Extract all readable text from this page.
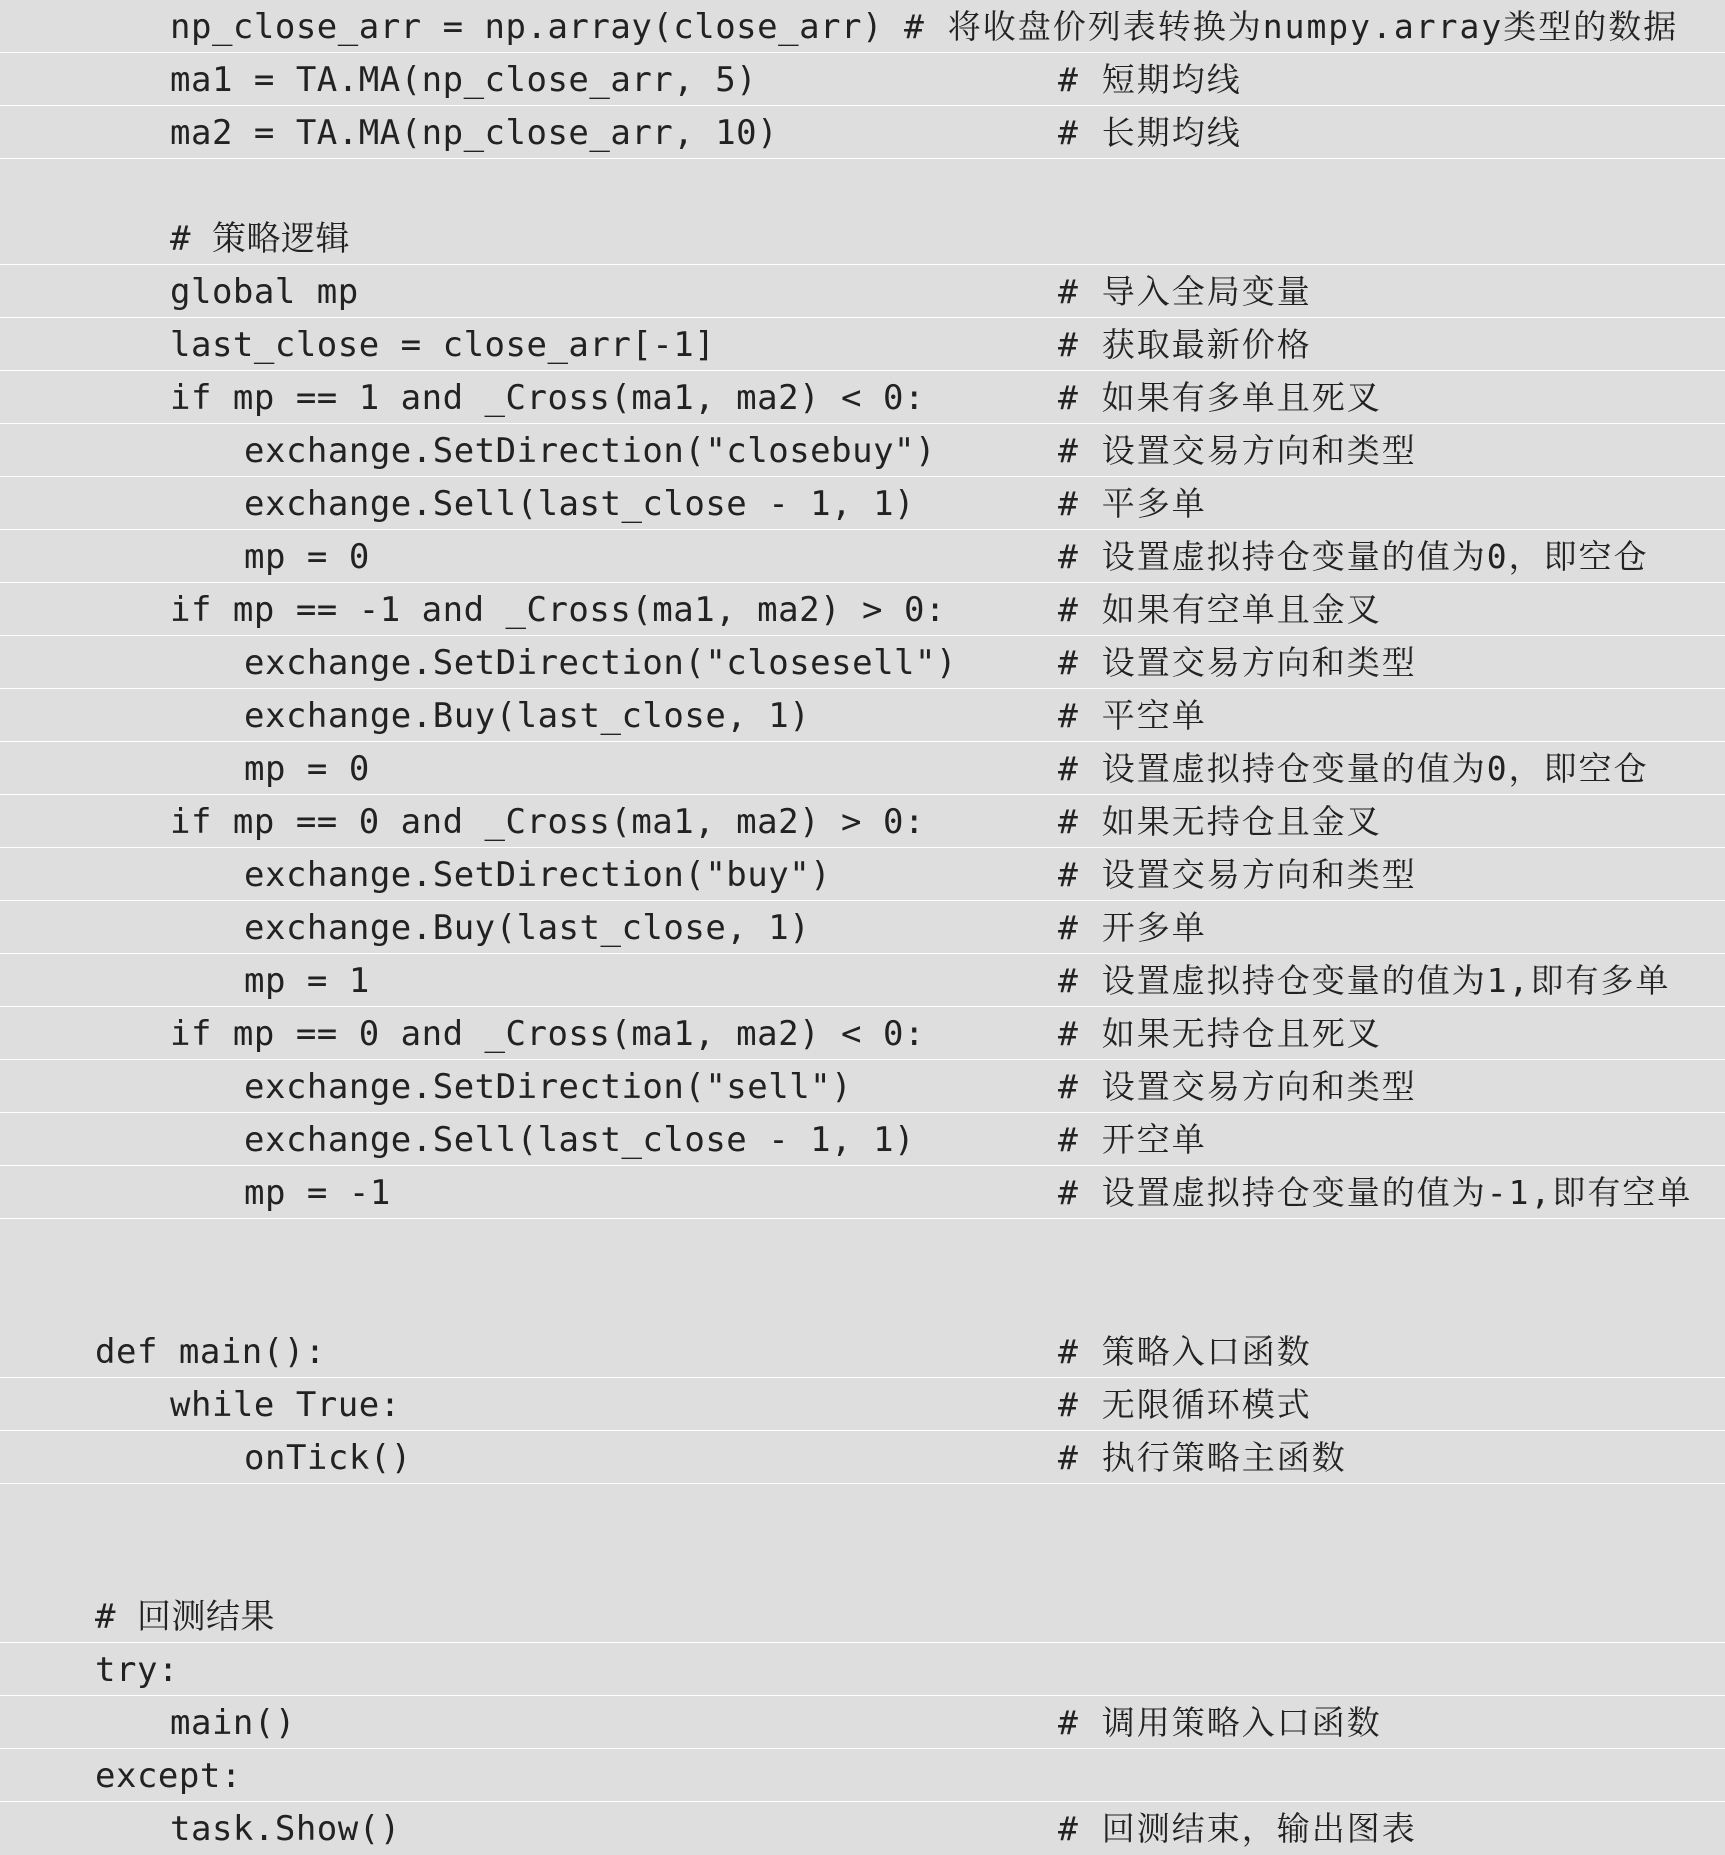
np_close_arr = np.array(close_arr) # 将收盘价列表转换为numpy.array类型的数据
ma1 = TA.MA(np_close_arr, 5)	# 短期均线
ma2 = TA.MA(np_close_arr, 10)	# 长期均线
# 策略逻辑
global mp	# 导入全局变量
last_close = close_arr[-1]	# 获取最新价格
if mp == 1 and _Cross(ma1, ma2) < 0:	# 如果有多单且死叉
exchange.SetDirection("closebuy")	# 设置交易方向和类型
exchange.Sell(last_close - 1, 1)	# 平多单
mp = 0	# 设置虚拟持仓变量的值为0，即空仓
if mp == -1 and _Cross(ma1, ma2) > 0:	# 如果有空单且金叉
exchange.SetDirection("closesell")	# 设置交易方向和类型
exchange.Buy(last_close, 1)	# 平空单
mp = 0	# 设置虚拟持仓变量的值为0，即空仓
if mp == 0 and _Cross(ma1, ma2) > 0:	# 如果无持仓且金叉
exchange.SetDirection("buy")	# 设置交易方向和类型
exchange.Buy(last_close, 1)	# 开多单
mp = 1	# 设置虚拟持仓变量的值为1,即有多单
if mp == 0 and _Cross(ma1, ma2) < 0:	# 如果无持仓且死叉
exchange.SetDirection("sell")	# 设置交易方向和类型
exchange.Sell(last_close - 1, 1)	# 开空单
mp = -1	# 设置虚拟持仓变量的值为-1,即有空单
def main():	# 策略入口函数
while True:	# 无限循环模式
onTick()	# 执行策略主函数
# 回测结果
try:
main()	# 调用策略入口函数
except:
task.Show()	# 回测结束，输出图表
